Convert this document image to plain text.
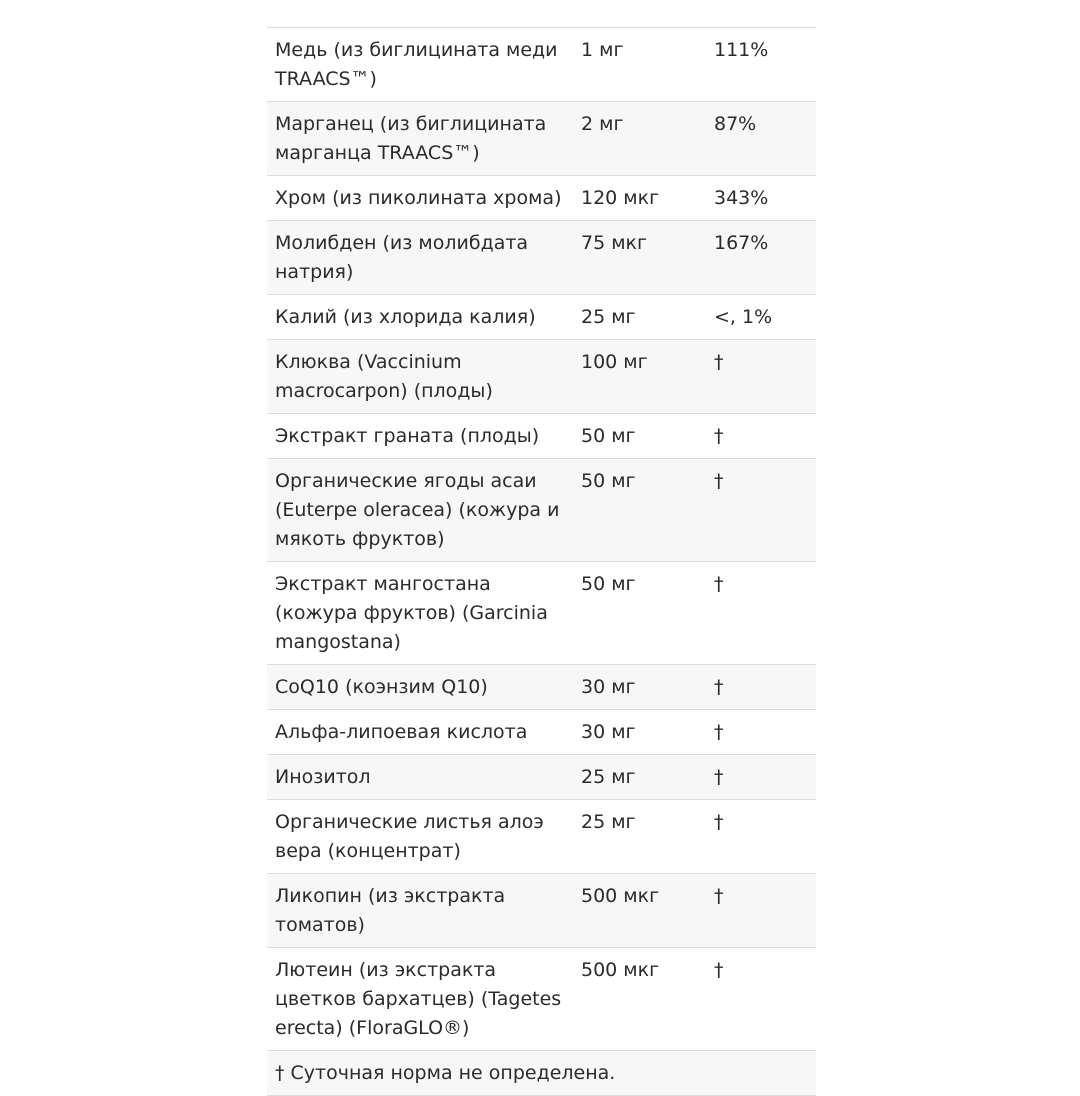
Медь (из биглицината меди TRAACS™)	1 мг	111%
Марганец (из биглицината марганца TRAACS™)	2 мг	87%
Хром (из пиколината хрома)	120 мкг	343%
Молибден (из молибдата натрия)	75 мкг	167%
Калий (из хлорида калия)	25 мг	<, 1%
Клюква (Vaccinium macrocarpon) (плоды)	100 мг	†
Экстракт граната (плоды)	50 мг	†
Органические ягоды асаи (Euterpe oleracea) (кожура и мякоть фруктов)	50 мг	†
Экстракт мангостана (кожура фруктов) (Garcinia mangostana)	50 мг	†
CoQ10 (коэнзим Q10)	30 мг	†
Альфа-липоевая кислота	30 мг	†
Инозитол	25 мг	†
Органические листья алоэ вера (концентрат)	25 мг	†
Ликопин (из экстракта томатов)	500 мкг	†
Лютеин (из экстракта цветков бархатцев) (Tagetes erecta) (FloraGLO®)	500 мкг	†
† Суточная норма не определена.		
